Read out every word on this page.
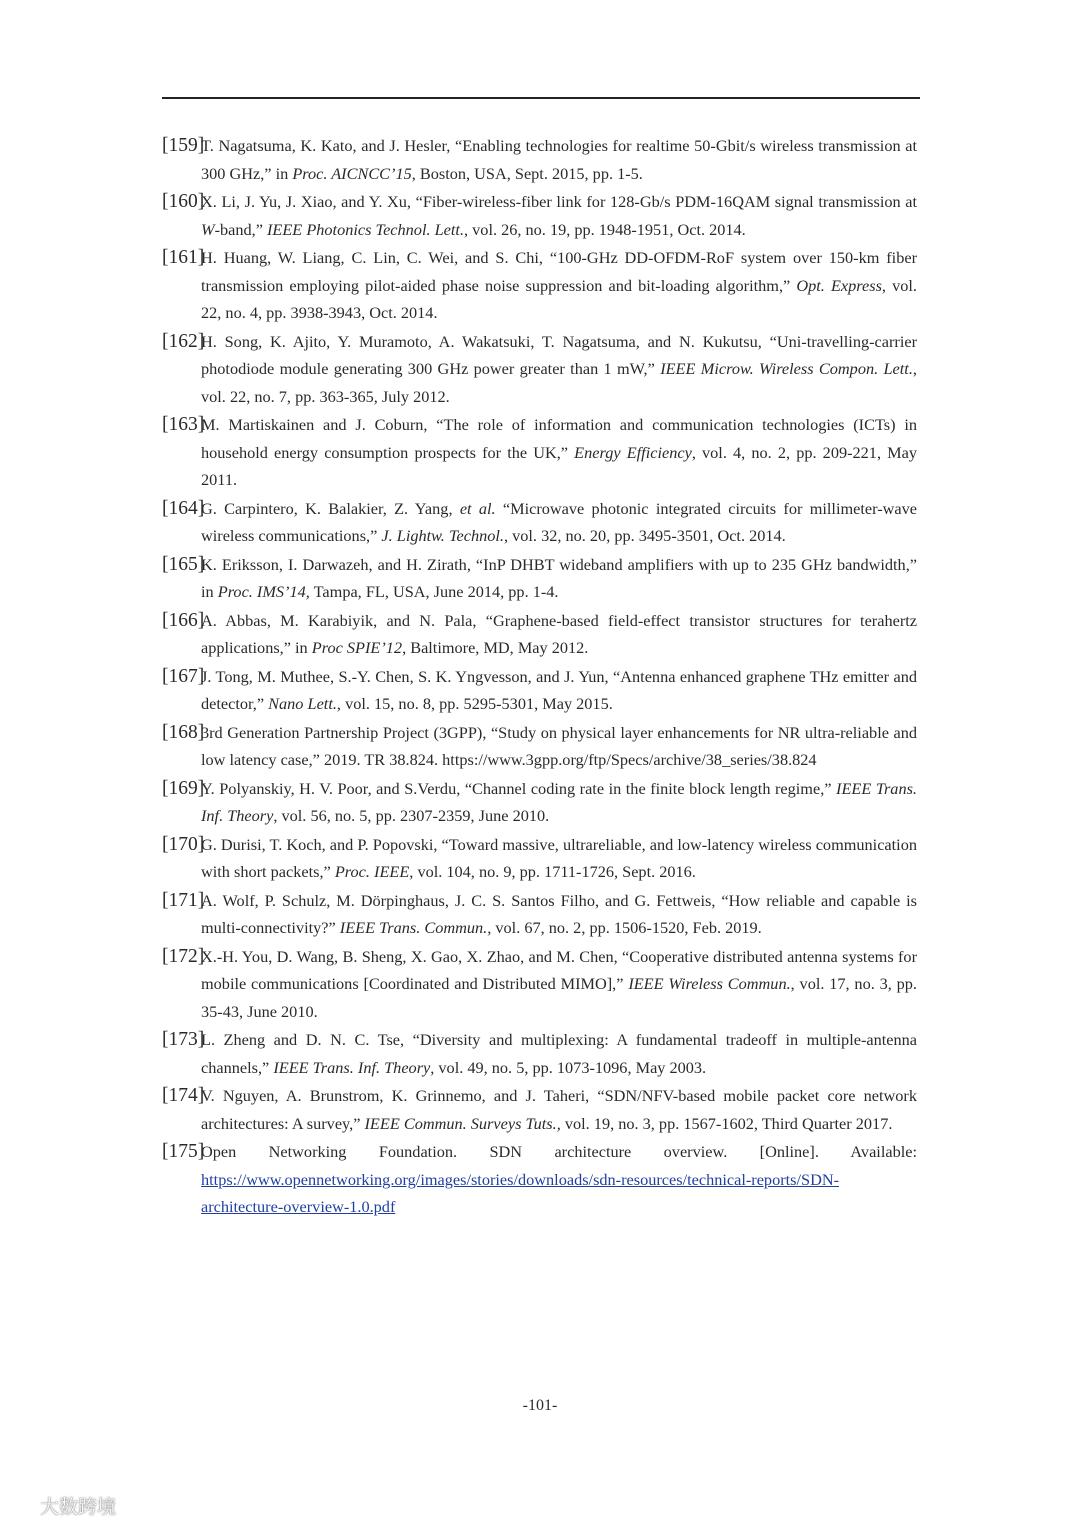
[159]
T. Nagatsuma, K. Kato, and J. Hesler, “Enabling technologies for realtime 50-Gbit/s wireless transmission at 300 GHz,” in Proc. AICNCC’15, Boston, USA, Sept. 2015, pp. 1-5.
[160]
X. Li, J. Yu, J. Xiao, and Y. Xu, “Fiber-wireless-fiber link for 128-Gb/s PDM-16QAM signal transmission at W-band,” IEEE Photonics Technol. Lett., vol. 26, no. 19, pp. 1948-1951, Oct. 2014.
[161]
H. Huang, W. Liang, C. Lin, C. Wei, and S. Chi, “100-GHz DD-OFDM-RoF system over 150-km fiber transmission employing pilot-aided phase noise suppression and bit-loading algorithm,” Opt. Express, vol. 22, no. 4, pp. 3938-3943, Oct. 2014.
[162]
H. Song, K. Ajito, Y. Muramoto, A. Wakatsuki, T. Nagatsuma, and N. Kukutsu, “Uni-travelling-carrier photodiode module generating 300 GHz power greater than 1 mW,” IEEE Microw. Wireless Compon. Lett., vol. 22, no. 7, pp. 363-365, July 2012.
[163]
M. Martiskainen and J. Coburn, “The role of information and communication technologies (ICTs) in household energy consumption prospects for the UK,” Energy Efficiency, vol. 4, no. 2, pp. 209-221, May 2011.
[164]
G. Carpintero, K. Balakier, Z. Yang, et al. “Microwave photonic integrated circuits for millimeter-wave wireless communications,” J. Lightw. Technol., vol. 32, no. 20, pp. 3495-3501, Oct. 2014.
[165]
K. Eriksson, I. Darwazeh, and H. Zirath, “InP DHBT wideband amplifiers with up to 235 GHz bandwidth,” in Proc. IMS’14, Tampa, FL, USA, June 2014, pp. 1-4.
[166]
A. Abbas, M. Karabiyik, and N. Pala, “Graphene-based field-effect transistor structures for terahertz applications,” in Proc SPIE’12, Baltimore, MD, May 2012.
[167]
J. Tong, M. Muthee, S.-Y. Chen, S. K. Yngvesson, and J. Yun, “Antenna enhanced graphene THz emitter and detector,” Nano Lett., vol. 15, no. 8, pp. 5295-5301, May 2015.
[168]
3rd Generation Partnership Project (3GPP), “Study on physical layer enhancements for NR ultra-reliable and low latency case,” 2019. TR 38.824. https://www.3gpp.org/ftp/Specs/archive/38_series/38.824
[169]
Y. Polyanskiy, H. V. Poor, and S.Verdu, “Channel coding rate in the finite block length regime,” IEEE Trans. Inf. Theory, vol. 56, no. 5, pp. 2307-2359, June 2010.
[170]
G. Durisi, T. Koch, and P. Popovski, “Toward massive, ultrareliable, and low-latency wireless communication with short packets,” Proc. IEEE, vol. 104, no. 9, pp. 1711-1726, Sept. 2016.
[171]
A. Wolf, P. Schulz, M. Dörpinghaus, J. C. S. Santos Filho, and G. Fettweis, “How reliable and capable is multi-connectivity?” IEEE Trans. Commun., vol. 67, no. 2, pp. 1506-1520, Feb. 2019.
[172]
X.-H. You, D. Wang, B. Sheng, X. Gao, X. Zhao, and M. Chen, “Cooperative distributed antenna systems for mobile communications [Coordinated and Distributed MIMO],” IEEE Wireless Commun., vol. 17, no. 3, pp. 35-43, June 2010.
[173]
L. Zheng and D. N. C. Tse, “Diversity and multiplexing: A fundamental tradeoff in multiple-antenna channels,” IEEE Trans. Inf. Theory, vol. 49, no. 5, pp. 1073-1096, May 2003.
[174]
V. Nguyen, A. Brunstrom, K. Grinnemo, and J. Taheri, “SDN/NFV-based mobile packet core network architectures: A survey,” IEEE Commun. Surveys Tuts., vol. 19, no. 3, pp. 1567-1602, Third Quarter 2017.
[175]
Open Networking Foundation. SDN architecture overview. [Online]. Available: https://www.opennetworking.org/images/stories/downloads/sdn-resources/technical-reports/SDN-architecture-overview-1.0.pdf
-101-
大数跨境
